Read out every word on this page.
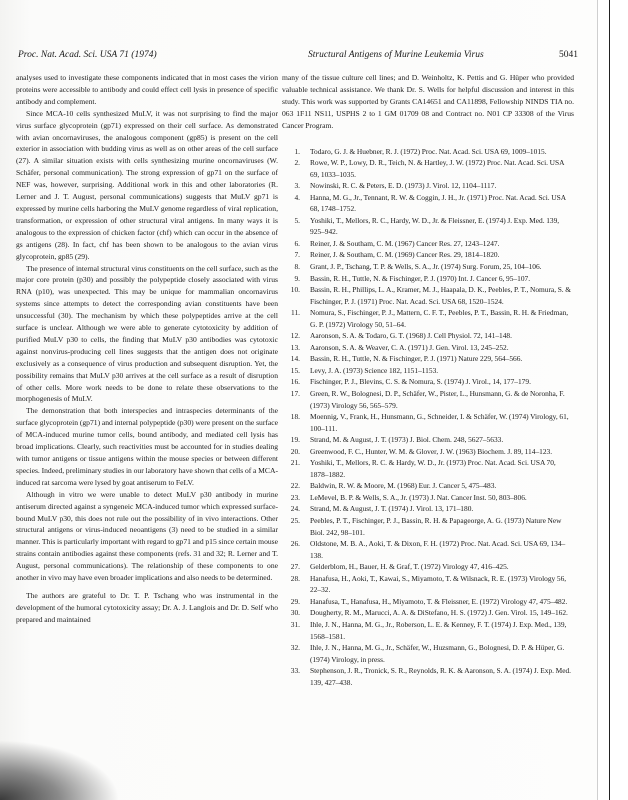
Proc. Nat. Acad. Sci. USA 71 (1974)	Structural Antigens of Murine Leukemia Virus	5041

analyses used to investigate these components indicated that in most cases the virion proteins were accessible to antibody and could effect cell lysis in presence of specific antibody and complement.

Since MCA-10 cells synthesized MuLV, it was not surprising to find the major virus surface glycoprotein (gp71) expressed on their cell surface. As demonstrated with avian oncornaviruses, the analogous component (gp85) is present on the cell exterior in association with budding virus as well as on other areas of the cell surface (27). A similar situation exists with cells synthesizing murine oncornaviruses (W. Schäfer, personal communication). The strong expression of gp71 on the surface of NEF was, however, surprising. Additional work in this and other laboratories (R. Lerner and J. T. August, personal communications) suggests that MuLV gp71 is expressed by murine cells harboring the MuLV genome regardless of viral replication, transformation, or expression of other structural viral antigens. In many ways it is analogous to the expression of chicken factor (chf) which can occur in the absence of gs antigens (28). In fact, chf has been shown to be analogous to the avian virus glycoprotein, gp85 (29).

The presence of internal structural virus constituents on the cell surface, such as the major core protein (p30) and possibly the polypeptide closely associated with virus RNA (p10), was unexpected. This may be unique for mammalian oncornavirus systems since attempts to detect the corresponding avian constituents have been unsuccessful (30). The mechanism by which these polypeptides arrive at the cell surface is unclear. Although we were able to generate cytotoxicity by addition of purified MuLV p30 to cells, the finding that MuLV p30 antibodies was cytotoxic against nonvirus-producing cell lines suggests that the antigen does not originate exclusively as a consequence of virus production and subsequent disruption. Yet, the possibility remains that MuLV p30 arrives at the cell surface as a result of disruption of other cells. More work needs to be done to relate these observations to the morphogenesis of MuLV.

The demonstration that both interspecies and intraspecies determinants of the surface glycoprotein (gp71) and internal polypeptide (p30) were present on the surface of MCA-induced murine tumor cells, bound antibody, and mediated cell lysis has broad implications. Clearly, such reactivities must be accounted for in studies dealing with tumor antigens or tissue antigens within the mouse species or between different species. Indeed, preliminary studies in our laboratory have shown that cells of a MCA-induced rat sarcoma were lysed by goat antiserum to FeLV.

Although in vitro we were unable to detect MuLV p30 antibody in murine antiserum directed against a syngeneic MCA-induced tumor which expressed surface-bound MuLV p30, this does not rule out the possibility of in vivo interactions. Other structural antigens or virus-induced neoantigens (3) need to be studied in a similar manner. This is particularly important with regard to gp71 and p15 since certain mouse strains contain antibodies against these components (refs. 31 and 32; R. Lerner and T. August, personal communications). The relationship of these components to one another in vivo may have even broader implications and also needs to be determined.

The authors are grateful to Dr. T. P. Tschang who was instrumental in the development of the humoral cytotoxicity assay; Dr. A. J. Langlois and Dr. D. Self who prepared and maintained

many of the tissue culture cell lines; and D. Weinholtz, K. Pettis and G. Hüper who provided valuable technical assistance. We thank Dr. S. Wells for helpful discussion and interest in this study. This work was supported by Grants CA14651 and CA11898, Fellowship NINDS TIA no. 063 1F11 NS11, USPHS 2 to 1 GM 01709 08 and Contract no. N01 CP 33308 of the Virus Cancer Program.

1. Todaro, G. J. & Huebner, R. J. (1972) Proc. Nat. Acad. Sci. USA 69, 1009–1015.
2. Rowe, W. P., Lowy, D. R., Teich, N. & Hartley, J. W. (1972) Proc. Nat. Acad. Sci. USA 69, 1033–1035.
3. Nowinski, R. C. & Peters, E. D. (1973) J. Virol. 12, 1104–1117.
4. Hanna, M. G., Jr., Tennant, R. W. & Coggin, J. H., Jr. (1971) Proc. Nat. Acad. Sci. USA 68, 1748–1752.
5. Yoshiki, T., Mellors, R. C., Hardy, W. D., Jr. & Fleissner, E. (1974) J. Exp. Med. 139, 925–942.
6. Reiner, J. & Southam, C. M. (1967) Cancer Res. 27, 1243–1247.
7. Reiner, J. & Southam, C. M. (1969) Cancer Res. 29, 1814–1820.
8. Grant, J. P., Tschang, T. P. & Wells, S. A., Jr. (1974) Surg. Forum, 25, 104–106.
9. Bassin, R. H., Tuttle, N. & Fischinger, P. J. (1970) Int. J. Cancer 6, 95–107.
10. Bassin, R. H., Phillips, L. A., Kramer, M. J., Haapala, D. K., Peebles, P. T., Nomura, S. & Fischinger, P. J. (1971) Proc. Nat. Acad. Sci. USA 68, 1520–1524.
11. Nomura, S., Fischinger, P. J., Mattern, C. F. T., Peebles, P. T., Bassin, R. H. & Friedman, G. P. (1972) Virology 50, 51–64.
12. Aaronson, S. A. & Todaro, G. T. (1968) J. Cell Physiol. 72, 141–148.
13. Aaronson, S. A. & Weaver, C. A. (1971) J. Gen. Virol. 13, 245–252.
14. Bassin, R. H., Tuttle, N. & Fischinger, P. J. (1971) Nature 229, 564–566.
15. Levy, J. A. (1973) Science 182, 1151–1153.
16. Fischinger, P. J., Blevins, C. S. & Nomura, S. (1974) J. Virol., 14, 177–179.
17. Green, R. W., Bolognesi, D. P., Schäfer, W., Pister, L., Hunsmann, G. & de Noronha, F. (1973) Virology 56, 565–579.
18. Moennig, V., Frank, H., Hunsmann, G., Schneider, I. & Schäfer, W. (1974) Virology, 61, 100–111.
19. Strand, M. & August, J. T. (1973) J. Biol. Chem. 248, 5627–5633.
20. Greenwood, F. C., Hunter, W. M. & Glover, J. W. (1963) Biochem. J. 89, 114–123.
21. Yoshiki, T., Mellors, R. C. & Hardy, W. D., Jr. (1973) Proc. Nat. Acad. Sci. USA 70, 1878–1882.
22. Baldwin, R. W. & Moore, M. (1968) Eur. J. Cancer 5, 475–483.
23. LeMevel, B. P. & Wells, S. A., Jr. (1973) J. Nat. Cancer Inst. 50, 803–806.
24. Strand, M. & August, J. T. (1974) J. Virol. 13, 171–180.
25. Peebles, P. T., Fischinger, P. J., Bassin, R. H. & Papageorge, A. G. (1973) Nature New Biol. 242, 98–101.
26. Oldstone, M. B. A., Aoki, T. & Dixon, F. H. (1972) Proc. Nat. Acad. Sci. USA 69, 134–138.
27. Gelderblom, H., Bauer, H. & Graf, T. (1972) Virology 47, 416–425.
28. Hanafusa, H., Aoki, T., Kawai, S., Miyamoto, T. & Wilsnack, R. E. (1973) Virology 56, 22–32.
29. Hanafusa, T., Hanafusa, H., Miyamoto, T. & Fleissner, E. (1972) Virology 47, 475–482.
30. Dougherty, R. M., Marucci, A. A. & DiStefano, H. S. (1972) J. Gen. Virol. 15, 149–162.
31. Ihle, J. N., Hanna, M. G., Jr., Roberson, L. E. & Kenney, F. T. (1974) J. Exp. Med., 139, 1568–1581.
32. Ihle, J. N., Hanna, M. G., Jr., Schäfer, W., Huzsmann, G., Bolognesi, D. P. & Hüper, G. (1974) Virology, in press.
33. Stephenson, J. R., Tronick, S. R., Reynolds, R. K. & Aaronson, S. A. (1974) J. Exp. Med. 139, 427–438.
